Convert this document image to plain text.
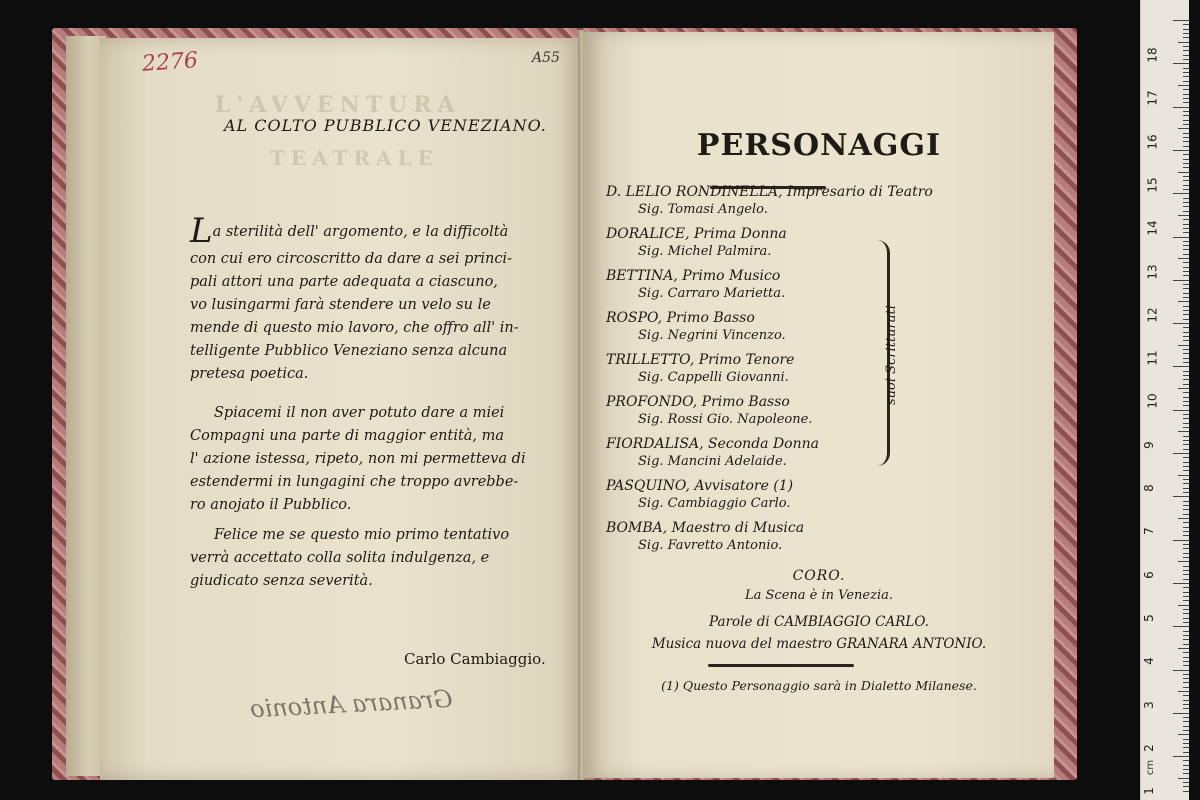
L'AVVENTURA
TEATRALE
2276	A55
AL COLTO PUBBLICO VENEZIANO.
La sterilità dell' argomento, e la difficoltà
con cui ero circoscritto da dare a sei princi-
pali attori una parte adequata a ciascuno,
vo lusingarmi farà stendere un velo su le
mende di questo mio lavoro, che offro all' in-
telligente Pubblico Veneziano senza alcuna
pretesa poetica.
Spiacemi il non aver potuto dare a miei
Compagni una parte di maggior entità, ma
l' azione istessa, ripeto, non mi permetteva di
estendermi in lungagini che troppo avrebbe-
ro anojato il Pubblico.
Felice me se questo mio primo tentativo
verrà accettato colla solita indulgenza, e
giudicato senza severità.
Carlo Cambiaggio.
Granara Antonio
PERSONAGGI
D. LELIO RONDINELLA, Impresario di Teatro
Sig. Tomasi Angelo.
DORALICE, Prima Donna
Sig. Michel Palmira.
BETTINA, Primo Musico
Sig. Carraro Marietta.
ROSPO, Primo Basso
Sig. Negrini Vincenzo.
TRILLETTO, Primo Tenore
Sig. Cappelli Giovanni.
PROFONDO, Primo Basso
Sig. Rossi Gio. Napoleone.
FIORDALISA, Seconda Donna
Sig. Mancini Adelaide.
PASQUINO, Avvisatore (1)
Sig. Cambiaggio Carlo.
BOMBA, Maestro di Musica
Sig. Favretto Antonio.
CORO.
La Scena è in Venezia.
Parole di CAMBIAGGIO CARLO.
Musica nuova del maestro GRANARA ANTONIO.
(1) Questo Personaggio sarà in Dialetto Milanese.
suoi Scritturati
cm
18
17
16
15
14
13
12
11
10
9
8
7
6
5
4
3
2
1
